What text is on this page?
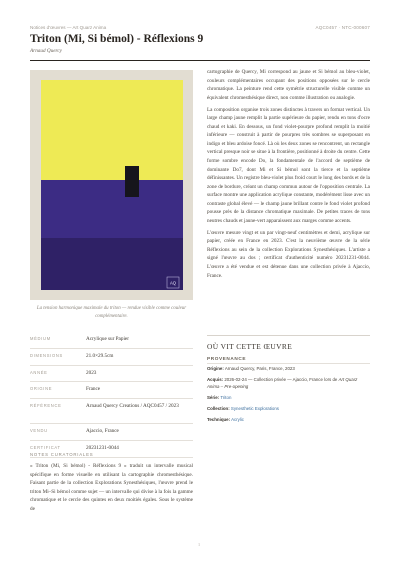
Notices d'œuvres — Art Quarz Anima	AQC0457 · NTC-000607
Triton (Mi, Si bémol) - Réflexions 9
Arnaud Quercy
AQ
La tension harmonique maximale du triton — rendue visible comme couleur complémentaire.
MÉDIUM	Acrylique sur Papier
DIMENSIONS	21.0×29.5cm
ANNÉE	2023
ORIGINE	France
RÉFÉRENCE	Arnaud Quercy Creations / AQC0457 / 2023
VENDU	Ajaccio, France
CERTIFICAT	20231231-0044
NOTES CURATORIALES

« Triton (Mi, Si bémol) - Réflexions 9 » traduit un intervalle musical spécifique en forme visuelle en utilisant la cartographie chromesthésique. Faisant partie de la collection Explorations Synesthésiques, l'œuvre prend le triton Mi–Si bémol comme sujet — un intervalle qui divise à la fois la gamme chromatique et le cercle des quintes en deux moitiés égales. Sous le système de

cartographie de Quercy, Mi correspond au jaune et Si bémol au bleu-violet, couleurs complémentaires occupant des positions opposées sur le cercle chromatique. La peinture rend cette symétrie structurelle visible comme un équivalent chromesthésique direct, non comme illustration ou analogie.

La composition organise trois zones distinctes à travers un format vertical. Un large champ jaune remplit la partie supérieure du papier, rendu en tons d'ocre chaud et kaki. En dessous, un fond violet-pourpre profond remplit la moitié inférieure — construit à partir de pourpres très sombres se superposant en indigo et bleu ardoise foncé. Là où les deux zones se rencontrent, un rectangle vertical presque noir se situe à la frontière, positionné à droite du centre. Cette forme sombre encode Do, la fondamentale de l'accord de septième de dominante Do7, dont Mi et Si bémol sont la tierce et la septième définissantes. Un registre bleu-violet plus froid court le long des bords et de la zone de bordure, créant un champ commun autour de l'opposition centrale. La surface montre une application acrylique constante, modérément lisse avec un contraste global élevé — le champ jaune brillant contre le fond violet profond pousse près de la distance chromatique maximale. De petites traces de tons neutres chauds et jaune-vert apparaissent aux marges comme accents.

L'œuvre mesure vingt et un par vingt-neuf centimètres et demi, acrylique sur papier, créée en France en 2023. C'est la neuvième œuvre de la série Réflexions au sein de la collection Explorations Synesthésiques. L'artiste a signé l'œuvre au dos ; certificat d'authenticité numéro 20231231-0044. L'œuvre a été vendue et est détenue dans une collection privée à Ajaccio, France.

OÙ VIT CETTE ŒUVRE
PROVENANCE
Origine: Arnaud Quercy, Paris, France, 2023
Acquis: 2026-02-24 — Collection privée — Ajaccio, France lors de Art Quarz Anima – Pre-opening
Série: Triton
Collection: Synesthetic Explorations
Technique: Acrylic
1
